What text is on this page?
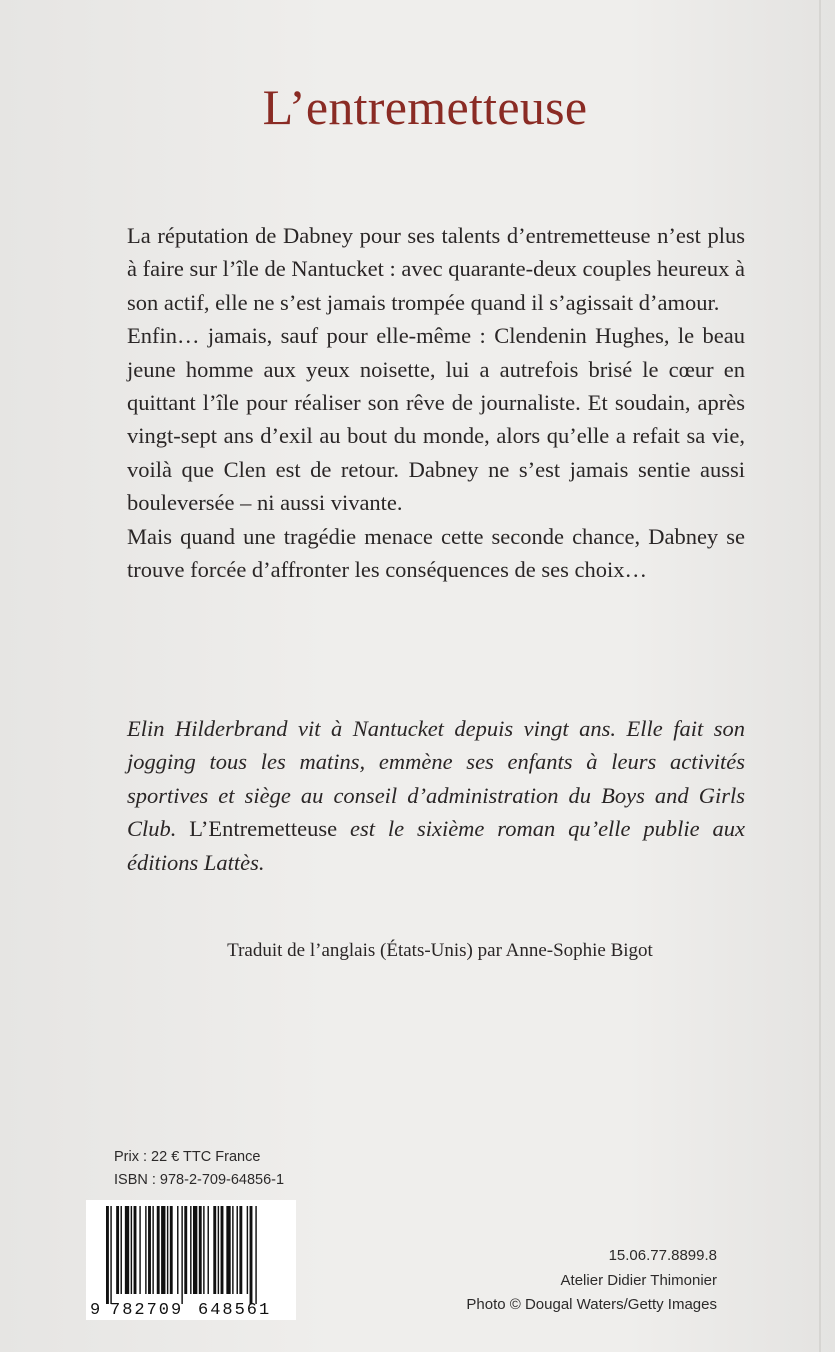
L’entremetteuse

La réputation de Dabney pour ses talents d’entremetteuse n’est plus à faire sur l’île de Nantucket : avec quarante-deux couples heureux à son actif, elle ne s’est jamais trompée quand il s’agissait d’amour.

Enfin… jamais, sauf pour elle-même : Clendenin Hughes, le beau jeune homme aux yeux noisette, lui a autrefois brisé le cœur en quittant l’île pour réaliser son rêve de journaliste. Et soudain, après vingt-sept ans d’exil au bout du monde, alors qu’elle a refait sa vie, voilà que Clen est de retour. Dabney ne s’est jamais sentie aussi bouleversée – ni aussi vivante.

Mais quand une tragédie menace cette seconde chance, Dabney se trouve forcée d’affronter les conséquences de ses choix…

Elin Hilderbrand vit à Nantucket depuis vingt ans. Elle fait son jogging tous les matins, emmène ses enfants à leurs activités sportives et siège au conseil d’administration du Boys and Girls Club. L’Entremetteuse est le sixième roman qu’elle publie aux éditions Lattès.

Traduit de l’anglais (États-Unis) par Anne-Sophie Bigot
Prix : 22 € TTC France
ISBN : 978-2-709-64856-1
9 782709 648561
15.06.77.8899.8
Atelier Didier Thimonier
Photo © Dougal Waters/Getty Images
